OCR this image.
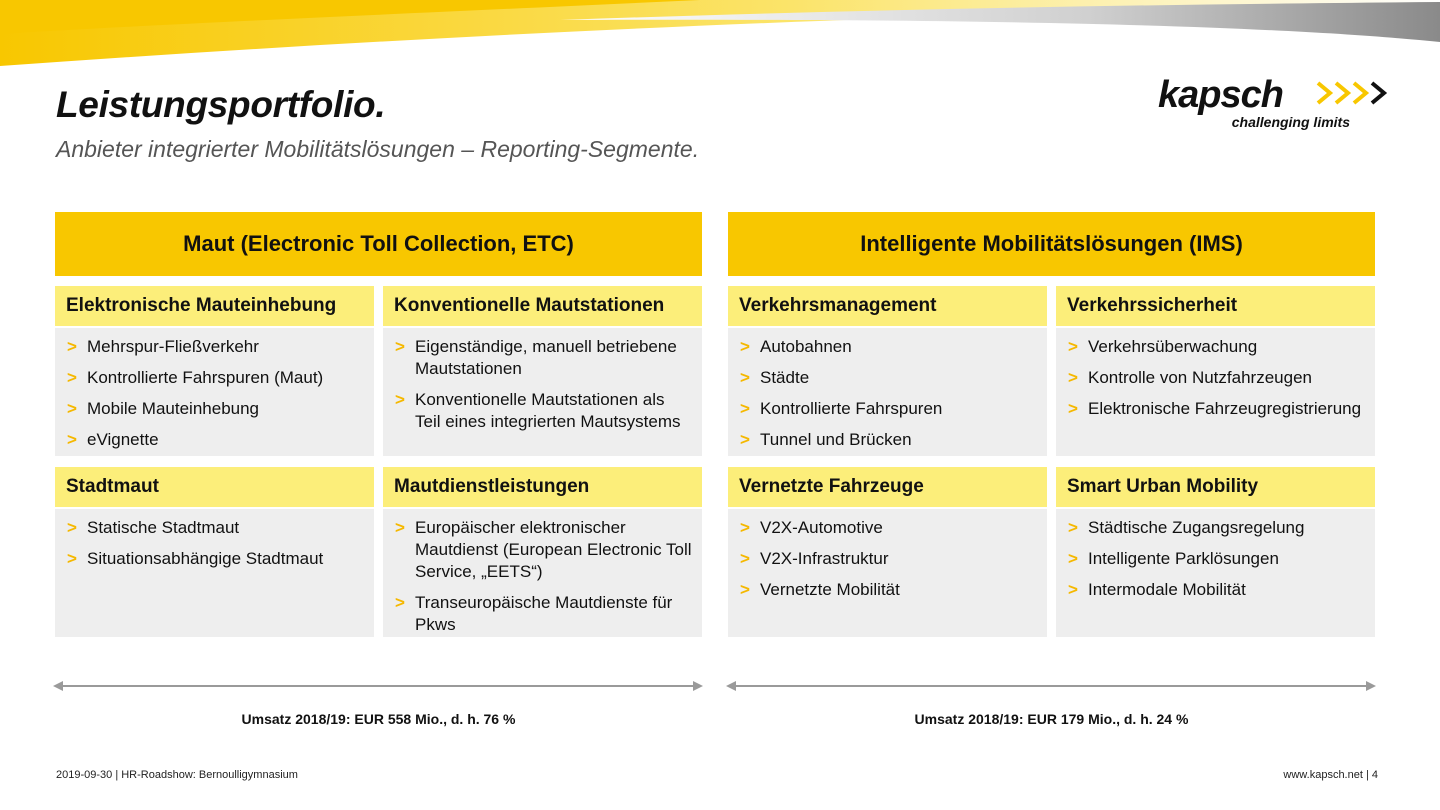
Leistungsportfolio.
Anbieter integrierter Mobilitätslösungen – Reporting-Segmente.
kapsch
challenging limits
Maut (Electronic Toll Collection, ETC)
Elektronische Mauteinhebung
> Mehrspur-Fließverkehr
> Kontrollierte Fahrspuren (Maut)
> Mobile Mauteinhebung
> eVignette
Konventionelle Mautstationen
> Eigenständige, manuell betriebene Mautstationen
> Konventionelle Mautstationen als Teil eines integrierten Mautsystems
Stadtmaut
> Statische Stadtmaut
> Situationsabhängige Stadtmaut
Mautdienstleistungen
> Europäischer elektronischer Mautdienst (European Electronic Toll Service, „EETS“)
> Transeuropäische Mautdienste für Pkws
Intelligente Mobilitätslösungen (IMS)
Verkehrsmanagement
> Autobahnen
> Städte
> Kontrollierte Fahrspuren
> Tunnel und Brücken
Verkehrssicherheit
> Verkehrsüberwachung
> Kontrolle von Nutzfahrzeugen
> Elektronische Fahrzeugregistrierung
Vernetzte Fahrzeuge
> V2X-Automotive
> V2X-Infrastruktur
> Vernetzte Mobilität
Smart Urban Mobility
> Städtische Zugangsregelung
> Intelligente Parklösungen
> Intermodale Mobilität
Umsatz 2018/19: EUR 558 Mio., d. h. 76 %	Umsatz 2018/19: EUR 179 Mio., d. h. 24 %
2019-09-30 | HR-Roadshow: Bernoulligymnasium	www.kapsch.net | 4
